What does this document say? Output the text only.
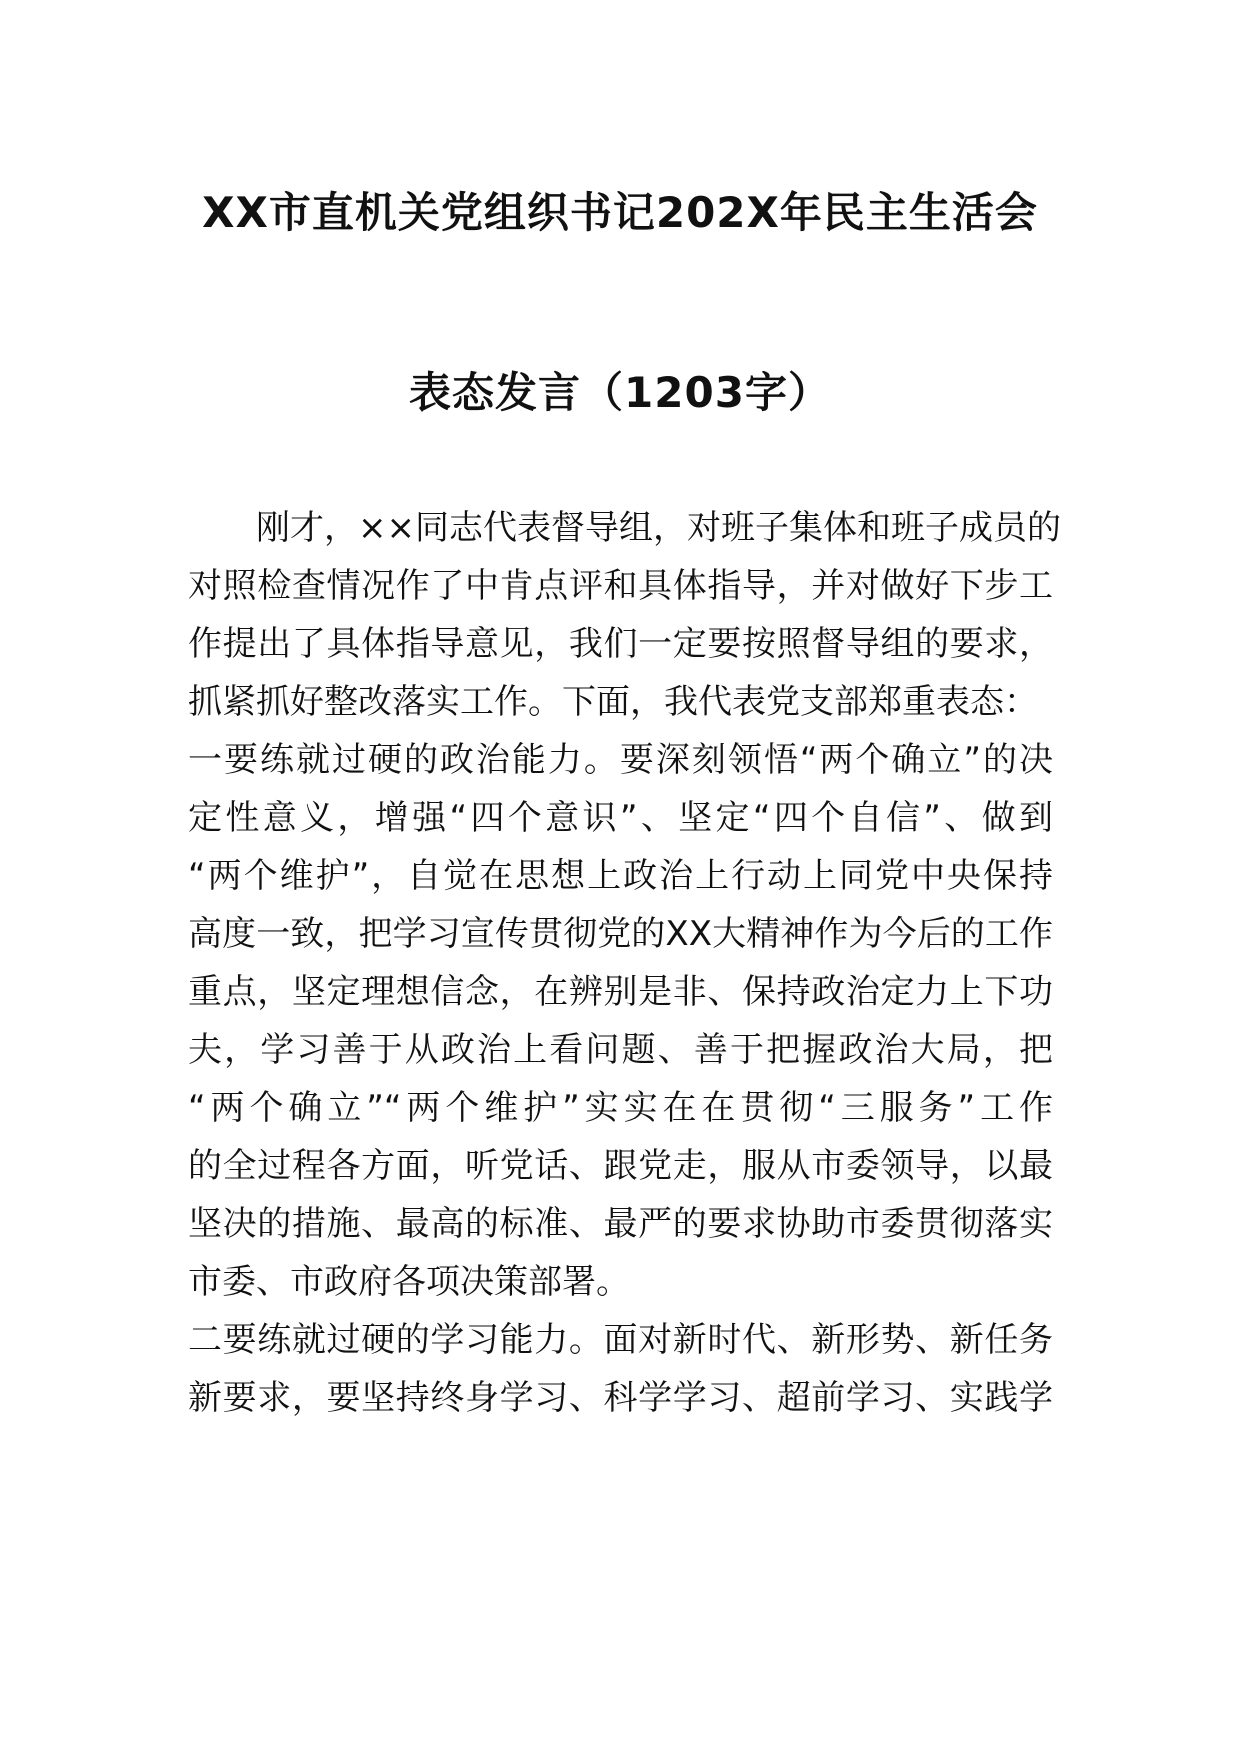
XX市直机关党组织书记202X年民主生活会
表态发言（1203字）
刚才，××同志代表督导组，对班子集体和班子成员的
对照检查情况作了中肯点评和具体指导，并对做好下步工
作提出了具体指导意见，我们一定要按照督导组的要求，
抓紧抓好整改落实工作。下面，我代表党支部郑重表态：
一要练就过硬的政治能力。要深刻领悟“两个确立”的决
定性意义，增强“四个意识”、坚定“四个自信”、做到
“两个维护”，自觉在思想上政治上行动上同党中央保持
高度一致，把学习宣传贯彻党的XX大精神作为今后的工作
重点，坚定理想信念，在辨别是非、保持政治定力上下功
夫，学习善于从政治上看问题、善于把握政治大局，把
“两个确立”“两个维护”实实在在贯彻“三服务”工作
的全过程各方面，听党话、跟党走，服从市委领导，以最
坚决的措施、最高的标准、最严的要求协助市委贯彻落实
市委、市政府各项决策部署。
二要练就过硬的学习能力。面对新时代、新形势、新任务
新要求，要坚持终身学习、科学学习、超前学习、实践学
